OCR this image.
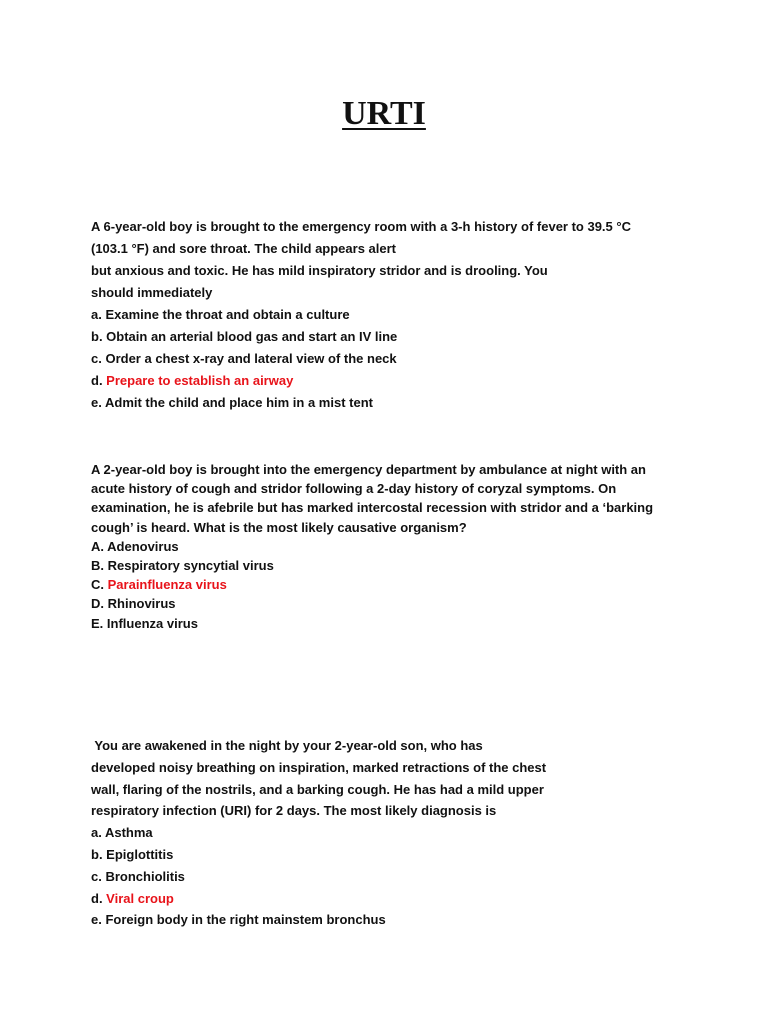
URTI
A 6-year-old boy is brought to the emergency room with a 3-h history of fever to 39.5 °C
(103.1 °F) and sore throat. The child appears alert
but anxious and toxic. He has mild inspiratory stridor and is drooling. You
should immediately
a. Examine the throat and obtain a culture
b. Obtain an arterial blood gas and start an IV line
c. Order a chest x-ray and lateral view of the neck
d. Prepare to establish an airway
e. Admit the child and place him in a mist tent
A 2-year-old boy is brought into the emergency department by ambulance at night with an
acute history of cough and stridor following a 2-day history of coryzal symptoms. On
examination, he is afebrile but has marked intercostal recession with stridor and a ‘barking
cough’ is heard. What is the most likely causative organism?
A. Adenovirus
B. Respiratory syncytial virus
C. Parainfluenza virus
D. Rhinovirus
E. Influenza virus
You are awakened in the night by your 2-year-old son, who has
developed noisy breathing on inspiration, marked retractions of the chest
wall, flaring of the nostrils, and a barking cough. He has had a mild upper
respiratory infection (URI) for 2 days. The most likely diagnosis is
a. Asthma
b. Epiglottitis
c. Bronchiolitis
d. Viral croup
e. Foreign body in the right mainstem bronchus
